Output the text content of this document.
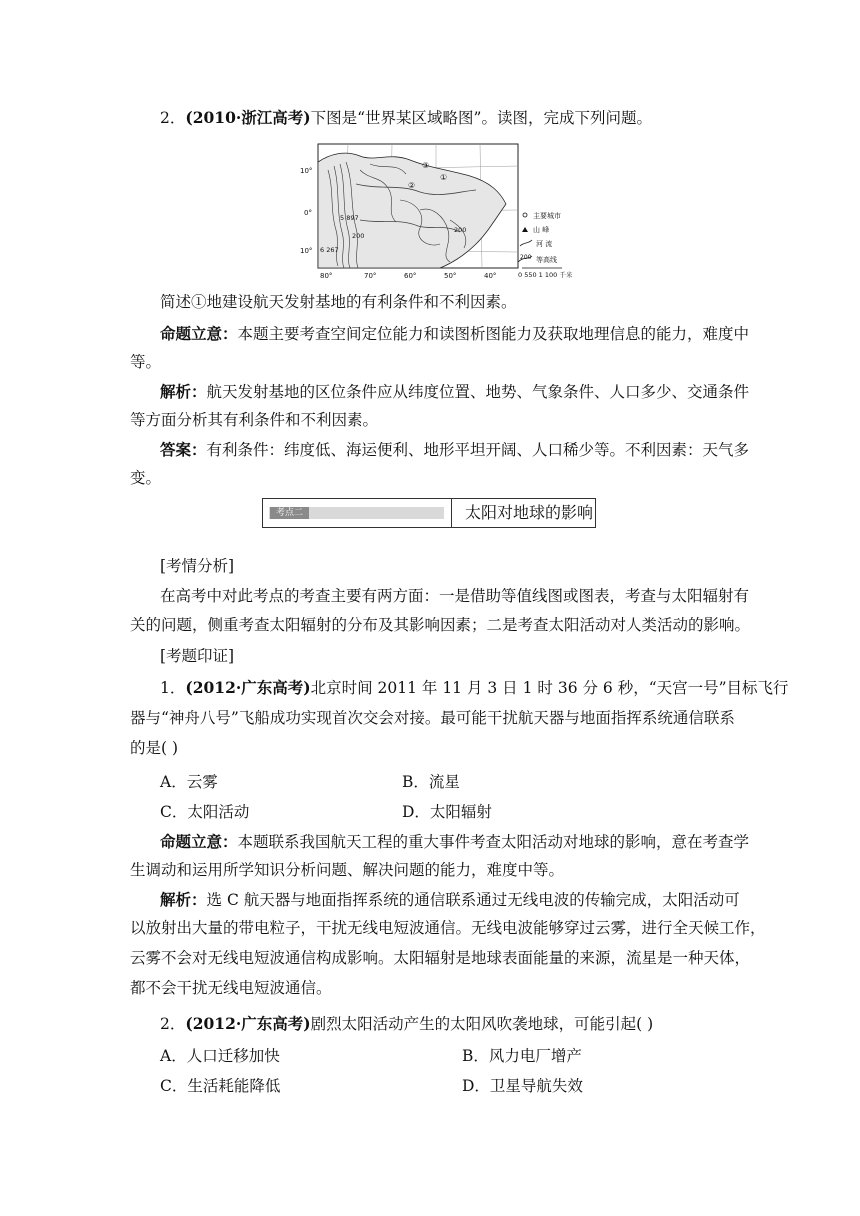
2．(2010·浙江高考)下图是“世界某区域略图”。读图，完成下列问题。
③
①
②
5 897
6 267
200
200
10°
0°
10°
80°	70°	60°	50°	40°
主要城市
山 峰
河 流
200 等高线
0 550 1 100 千米
简述①地建设航天发射基地的有利条件和不利因素。
命题立意：本题主要考查空间定位能力和读图析图能力及获取地理信息的能力，难度中
等。
解析：航天发射基地的区位条件应从纬度位置、地势、气象条件、人口多少、交通条件
等方面分析其有利条件和不利因素。
答案：有利条件：纬度低、海运便利、地形平坦开阔、人口稀少等。不利因素：天气多
变。
考点二	太阳对地球的影响
[考情分析]
在高考中对此考点的考查主要有两方面：一是借助等值线图或图表，考查与太阳辐射有
关的问题，侧重考查太阳辐射的分布及其影响因素；二是考查太阳活动对人类活动的影响。
[考题印证]
1．(2012·广东高考)北京时间 2011 年 11 月 3 日 1 时 36 分 6 秒，“天宫一号”目标飞行
器与“神舟八号”飞船成功实现首次交会对接。最可能干扰航天器与地面指挥系统通信联系
的是( )
A．云雾	B．流星
C．太阳活动	D．太阳辐射
命题立意：本题联系我国航天工程的重大事件考查太阳活动对地球的影响，意在考查学
生调动和运用所学知识分析问题、解决问题的能力，难度中等。
解析：选 C 航天器与地面指挥系统的通信联系通过无线电波的传输完成，太阳活动可
以放射出大量的带电粒子，干扰无线电短波通信。无线电波能够穿过云雾，进行全天候工作，
云雾不会对无线电短波通信构成影响。太阳辐射是地球表面能量的来源，流星是一种天体，
都不会干扰无线电短波通信。
2．(2012·广东高考)剧烈太阳活动产生的太阳风吹袭地球，可能引起( )
A．人口迁移加快	B．风力电厂增产
C．生活耗能降低	D．卫星导航失效
